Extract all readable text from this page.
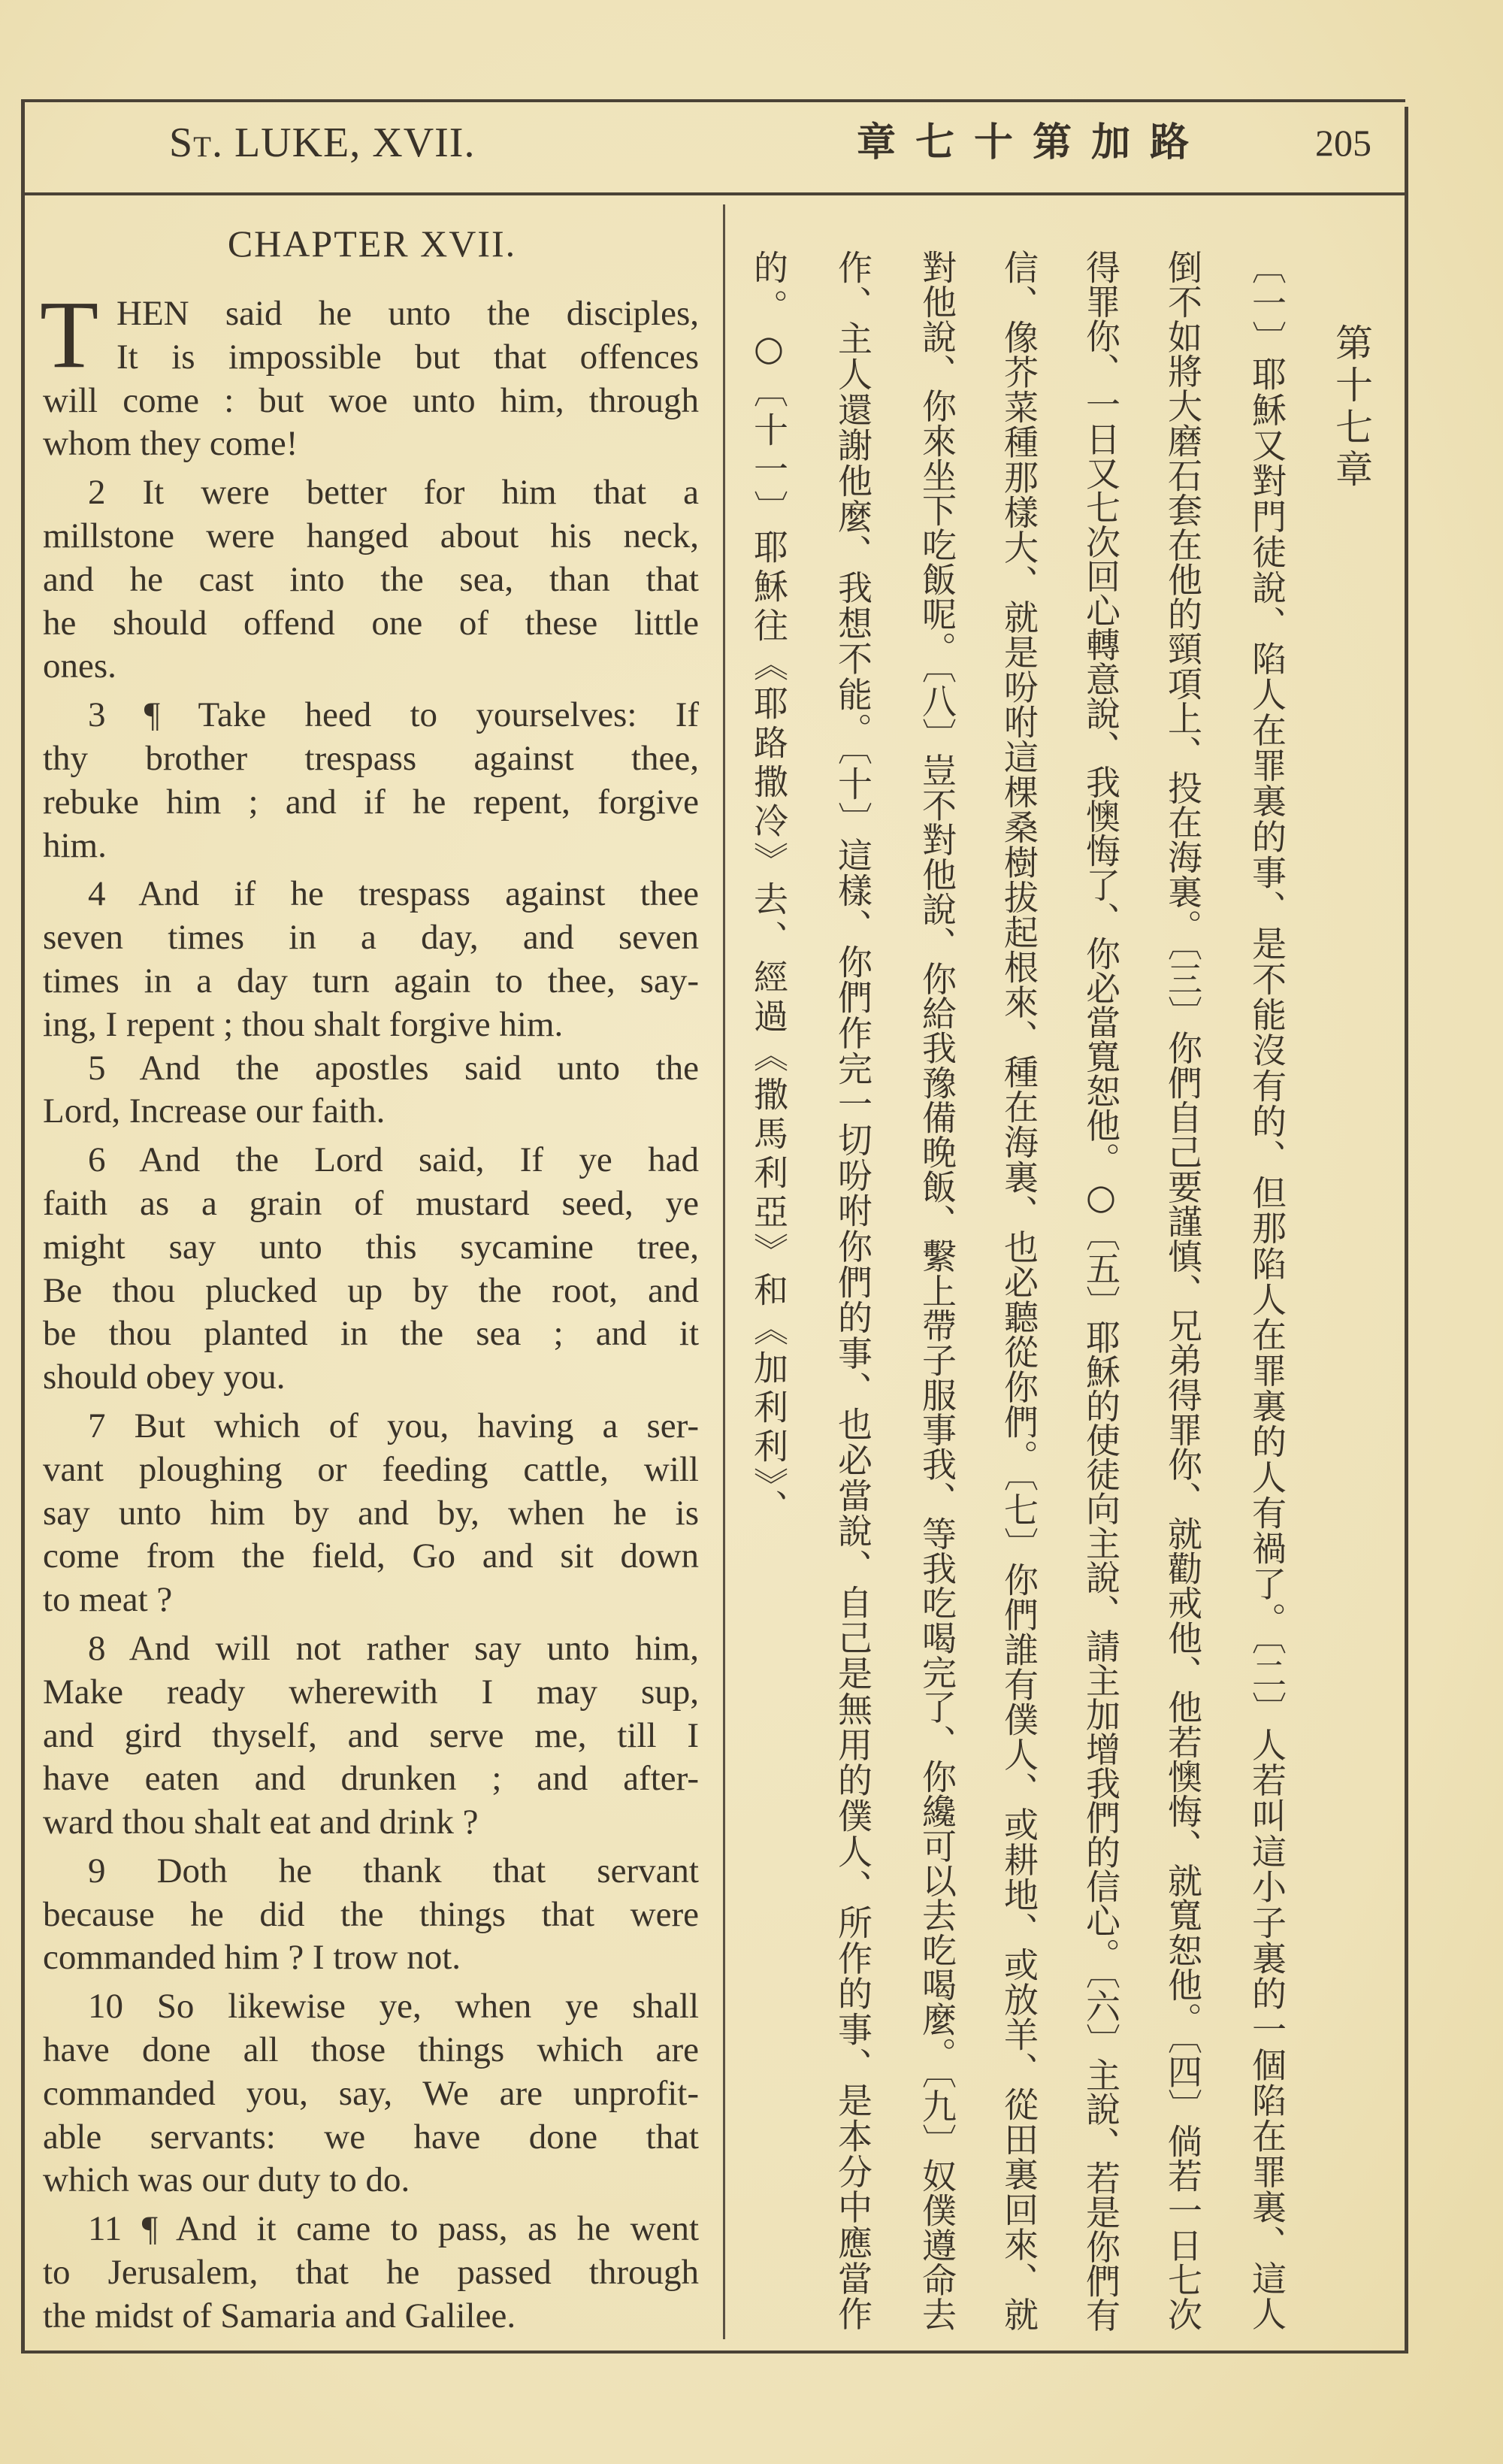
St. LUKE, XVII.	路
加
第
十
七
章	205
CHAPTER XVII.
T HEN said he unto the disciples,
It is impossible but that offences
will come : but woe unto him, through
whom they come!
2 It were better for him that a
millstone were hanged about his neck,
and he cast into the sea, than that
he should offend one of these little
ones.
3 ¶ Take heed to yourselves: If
thy brother trespass against thee,
rebuke him ; and if he repent, forgive
him.
4 And if he trespass against thee
seven times in a day, and seven
times in a day turn again to thee, say-
ing, I repent ; thou shalt forgive him.
5 And the apostles said unto the
Lord, Increase our faith.
6 And the Lord said, If ye had
faith as a grain of mustard seed, ye
might say unto this sycamine tree,
Be thou plucked up by the root, and
be thou planted in the sea ; and it
should obey you.
7 But which of you, having a ser-
vant ploughing or feeding cattle, will
say unto him by and by, when he is
come from the field, Go and sit down
to meat ?
8 And will not rather say unto him,
Make ready wherewith I may sup,
and gird thyself, and serve me, till I
have eaten and drunken ; and after-
ward thou shalt eat and drink ?
9 Doth he thank that servant
because he did the things that were
commanded him ? I trow not.
10 So likewise ye, when ye shall
have done all those things which are
commanded you, say, We are unprofit-
able servants: we have done that
which was our duty to do.
11 ¶ And it came to pass, as he went
to Jerusalem, that he passed through
the midst of Samaria and Galilee.
第十七章
〔一〕耶穌又對門徒說、陷人在罪裏的事、是不能沒有的、但那陷人在罪裏的人有禍了。〔二〕人若叫這小子裏的一個陷在罪裏、這人
倒不如將大磨石套在他的頸項上、投在海裏。〔三〕你們自己要謹慎、兄弟得罪你、就勸戒他、他若懊悔、就寬恕他。〔四〕倘若一日七次
得罪你、一日又七次回心轉意說、我懊悔了、你必當寬恕他。○〔五〕耶穌的使徒向主說、請主加增我們的信心。〔六〕主說、若是你們有
信、像芥菜種那樣大、就是吩咐這棵桑樹拔起根來、種在海裏、也必聽從你們。〔七〕你們誰有僕人、或耕地、或放羊、從田裏回來、就
對他說、你來坐下吃飯呢。〔八〕豈不對他說、你給我豫備晚飯、繫上帶子服事我、等我吃喝完了、你纔可以去吃喝麼。〔九〕奴僕遵命去
作、主人還謝他麼、我想不能。〔十〕這樣、你們作完一切吩咐你們的事、也必當說、自己是無用的僕人、所作的事、是本分中應當作
的。○〔十一〕耶穌往《耶路撒冷》去、經過《撒馬利亞》和《加利利》、
